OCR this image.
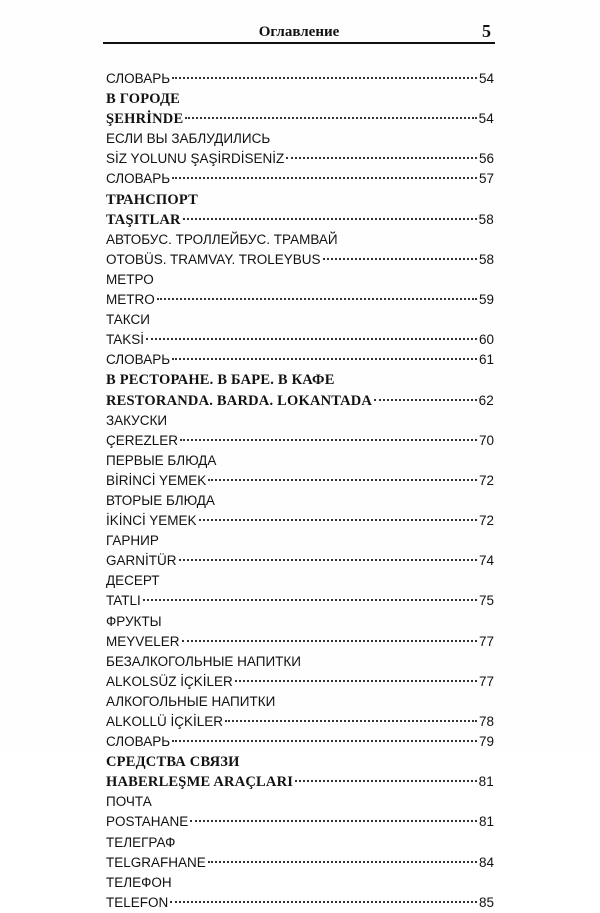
Оглавление	5
СЛОВАРЬ	54
В ГОРОДЕ
ŞEHRİNDE	54
ЕСЛИ ВЫ ЗАБЛУДИЛИСЬ
SİZ YOLUNU ŞAŞİRDİSENİZ	56
СЛОВАРЬ	57
ТРАНСПОРТ
TAŞITLAR	58
АВТОБУС. ТРОЛЛЕЙБУС. ТРАМВАЙ
OTOBÜS. TRAMVAY. TROLEYBUS	58
МЕТРО
METRO	59
ТАКСИ
TAKSİ	60
СЛОВАРЬ	61
В РЕСТОРАНЕ. В БАРЕ. В КАФЕ
RESTORANDA. BARDA. LOKANTADA	62
ЗАКУСКИ
ÇEREZLER	70
ПЕРВЫЕ БЛЮДА
BİRİNCİ YEMEK	72
ВТОРЫЕ БЛЮДА
İKİNCİ YEMEK	72
ГАРНИР
GARNİTÜR	74
ДЕСЕРТ
TATLI	75
ФРУКТЫ
MEYVELER	77
БЕЗАЛКОГОЛЬНЫЕ НАПИТКИ
ALKOLSÜZ İÇKİLER	77
АЛКОГОЛЬНЫЕ НАПИТКИ
ALKOLLÜ İÇKİLER	78
СЛОВАРЬ	79
СРЕДСТВА СВЯЗИ
HABERLEŞME ARAÇLARI	81
ПОЧТА
POSTAHANE	81
ТЕЛЕГРАФ
TELGRAFHANE	84
ТЕЛЕФОН
TELEFON	85
